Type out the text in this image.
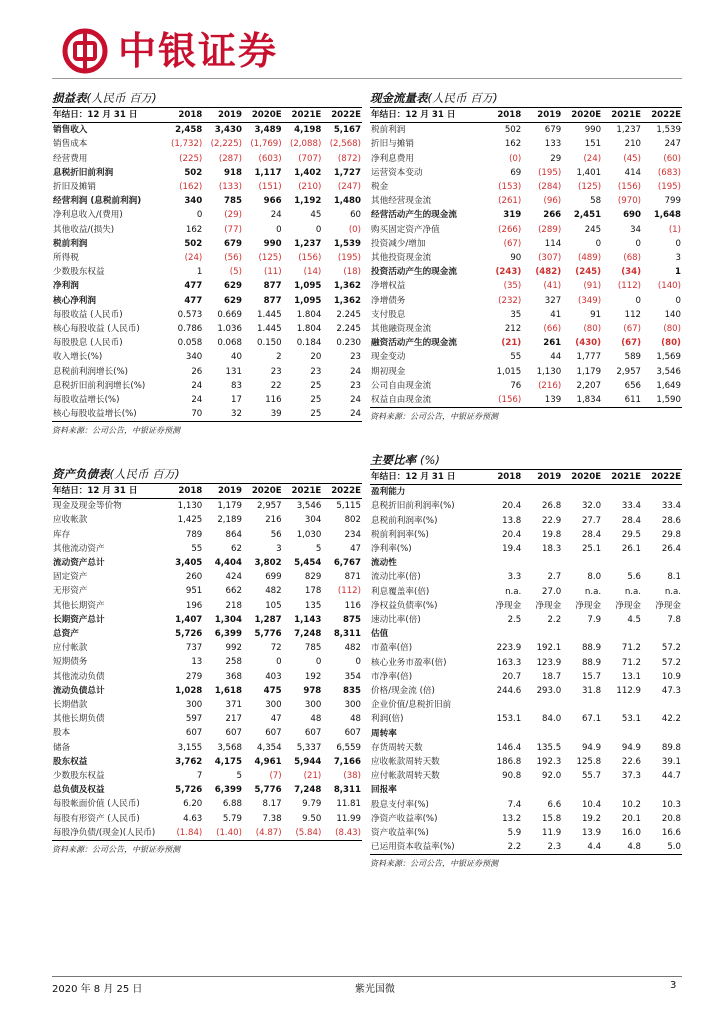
中银证券
损益表(人民币 百万)
年结日：12 月 31 日	2018	2019	2020E	2021E	2022E
销售收入	2,458	3,430	3,489	4,198	5,167
销售成本	(1,732)	(2,225)	(1,769)	(2,088)	(2,568)
经营费用	(225)	(287)	(603)	(707)	(872)
息税折旧前利润	502	918	1,117	1,402	1,727
折旧及摊销	(162)	(133)	(151)	(210)	(247)
经营利润 (息税前利润)	340	785	966	1,192	1,480
净利息收入/(费用)	0	(29)	24	45	60
其他收益/(损失)	162	(77)	0	0	(0)
税前利润	502	679	990	1,237	1,539
所得税	(24)	(56)	(125)	(156)	(195)
少数股东权益	1	(5)	(11)	(14)	(18)
净利润	477	629	877	1,095	1,362
核心净利润	477	629	877	1,095	1,362
每股收益 (人民币)	0.573	0.669	1.445	1.804	2.245
核心每股收益 (人民币)	0.786	1.036	1.445	1.804	2.245
每股股息 (人民币)	0.058	0.068	0.150	0.184	0.230
收入增长(%)	340	40	2	20	23
息税前利润增长(%)	26	131	23	23	24
息税折旧前利润增长(%)	24	83	22	25	23
每股收益增长(%)	24	17	116	25	24
核心每股收益增长(%)	70	32	39	25	24
资料来源：公司公告，中银证券预测
现金流量表(人民币 百万)
年结日：12 月 31 日	2018	2019	2020E	2021E	2022E
税前利润	502	679	990	1,237	1,539
折旧与摊销	162	133	151	210	247
净利息费用	(0)	29	(24)	(45)	(60)
运营资本变动	69	(195)	1,401	414	(683)
税金	(153)	(284)	(125)	(156)	(195)
其他经营现金流	(261)	(96)	58	(970)	799
经营活动产生的现金流	319	266	2,451	690	1,648
购买固定资产净值	(266)	(289)	245	34	(1)
投资减少/增加	(67)	114	0	0	0
其他投资现金流	90	(307)	(489)	(68)	3
投资活动产生的现金流	(243)	(482)	(245)	(34)	1
净增权益	(35)	(41)	(91)	(112)	(140)
净增债务	(232)	327	(349)	0	0
支付股息	35	41	91	112	140
其他融资现金流	212	(66)	(80)	(67)	(80)
融资活动产生的现金流	(21)	261	(430)	(67)	(80)
现金变动	55	44	1,777	589	1,569
期初现金	1,015	1,130	1,179	2,957	3,546
公司自由现金流	76	(216)	2,207	656	1,649
权益自由现金流	(156)	139	1,834	611	1,590
资料来源：公司公告，中银证券预测
资产负债表(人民币 百万)
年结日：12 月 31 日	2018	2019	2020E	2021E	2022E
现金及现金等价物	1,130	1,179	2,957	3,546	5,115
应收帐款	1,425	2,189	216	304	802
库存	789	864	56	1,030	234
其他流动资产	55	62	3	5	47
流动资产总计	3,405	4,404	3,802	5,454	6,767
固定资产	260	424	699	829	871
无形资产	951	662	482	178	(112)
其他长期资产	196	218	105	135	116
长期资产总计	1,407	1,304	1,287	1,143	875
总资产	5,726	6,399	5,776	7,248	8,311
应付帐款	737	992	72	785	482
短期债务	13	258	0	0	0
其他流动负债	279	368	403	192	354
流动负债总计	1,028	1,618	475	978	835
长期借款	300	371	300	300	300
其他长期负债	597	217	47	48	48
股本	607	607	607	607	607
储备	3,155	3,568	4,354	5,337	6,559
股东权益	3,762	4,175	4,961	5,944	7,166
少数股东权益	7	5	(7)	(21)	(38)
总负债及权益	5,726	6,399	5,776	7,248	8,311
每股帐面价值 (人民币)	6.20	6.88	8.17	9.79	11.81
每股有形资产 (人民币)	4.63	5.79	7.38	9.50	11.99
每股净负债/(现金)(人民币)	(1.84)	(1.40)	(4.87)	(5.84)	(8.43)
资料来源：公司公告，中银证券预测
主要比率 (%)
年结日：12 月 31 日	2018	2019	2020E	2021E	2022E
盈利能力					
息税折旧前利润率(%)	20.4	26.8	32.0	33.4	33.4
息税前利润率(%)	13.8	22.9	27.7	28.4	28.6
税前利润率(%)	20.4	19.8	28.4	29.5	29.8
净利率(%)	19.4	18.3	25.1	26.1	26.4
流动性					
流动比率(倍)	3.3	2.7	8.0	5.6	8.1
利息覆盖率(倍)	n.a.	27.0	n.a.	n.a.	n.a.
净权益负债率(%)	净现金	净现金	净现金	净现金	净现金
速动比率(倍)	2.5	2.2	7.9	4.5	7.8
估值					
市盈率(倍)	223.9	192.1	88.9	71.2	57.2
核心业务市盈率(倍)	163.3	123.9	88.9	71.2	57.2
市净率(倍)	20.7	18.7	15.7	13.1	10.9
价格/现金流 (倍)	244.6	293.0	31.8	112.9	47.3
企业价值/息税折旧前					
利润(倍)	153.1	84.0	67.1	53.1	42.2
周转率					
存货周转天数	146.4	135.5	94.9	94.9	89.8
应收帐款周转天数	186.8	192.3	125.8	22.6	39.1
应付帐款周转天数	90.8	92.0	55.7	37.3	44.7
回报率					
股息支付率(%)	7.4	6.6	10.4	10.2	10.3
净资产收益率(%)	13.2	15.8	19.2	20.1	20.8
资产收益率(%)	5.9	11.9	13.9	16.0	16.6
已运用资本收益率(%)	2.2	2.3	4.4	4.8	5.0
资料来源：公司公告，中银证券预测
2020 年 8 月 25 日	紫光国微	3
